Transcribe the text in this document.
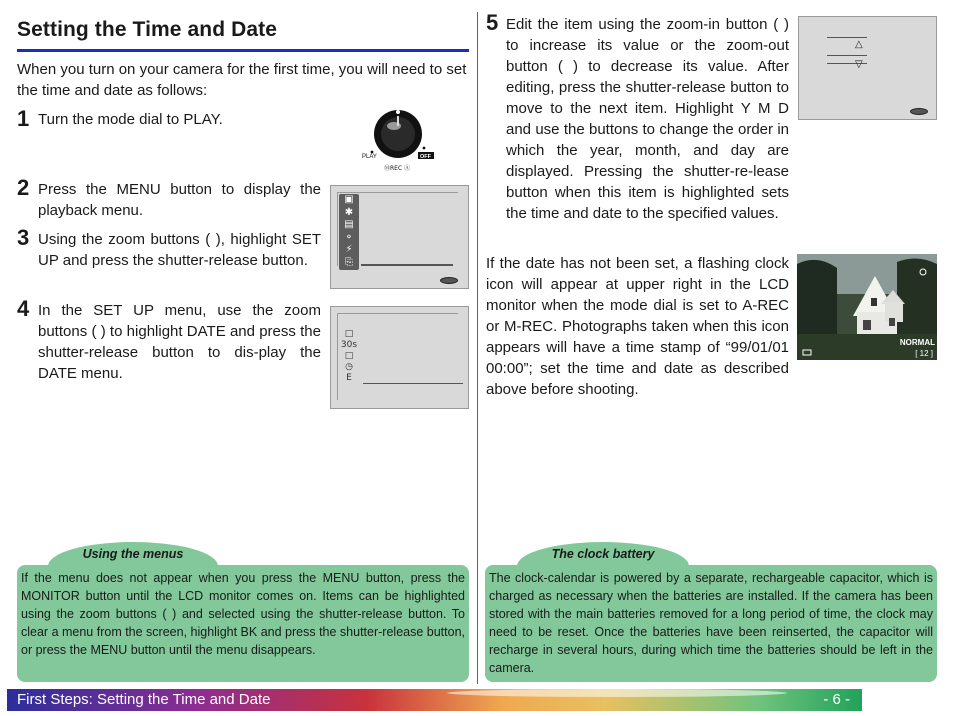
Setting the Time and Date
When you turn on your camera for the first time, you will need to set the time and date as follows:
1 Turn the mode dial to PLAY.
PLAY	OFF
ⓂREC Ⓐ
2 Press the MENU button to display the playback menu.
3 Using the zoom buttons ( ), highlight SET UP and press the shutter-release button.
4 In the SET UP menu, use the zoom buttons ( ) to highlight DATE and press the shutter-release button to dis-play the DATE menu.
▣
✱
▤
⚬
⚡
⎘
□
30s
□
◷
E
5 Edit the item using the zoom-in button ( ) to increase its value or the zoom-out button ( ) to decrease its value. After editing, press the shutter-release button to move to the next item. Highlight Y M D and use the buttons to change the order in which the year, month, and day are displayed. Pressing the shutter-re-lease button when this item is highlighted sets the time and date to the specified values.
△
▽
If the date has not been set, a flashing clock icon will appear at upper right in the LCD monitor when the mode dial is set to A-REC or M-REC. Photographs taken when this icon appears will have a time stamp of “99/01/01 00:00”; set the time and date as described above before shooting.
NORMAL
[ 12 ]
Using the menus
If the menu does not appear when you press the MENU button, press the MONITOR button until the LCD monitor comes on. Items can be highlighted using the zoom buttons ( ) and selected using the shutter-release button. To clear a menu from the screen, highlight BK and press the shutter-release button, or press the MENU button until the menu disappears.
The clock battery
The clock-calendar is powered by a separate, rechargeable capacitor, which is charged as necessary when the batteries are installed. If the camera has been stored with the main batteries removed for a long period of time, the clock may need to be reset. Once the batteries have been reinserted, the capacitor will recharge in several hours, during which time the batteries should be left in the camera.
First Steps: Setting the Time and Date	- 6 -
